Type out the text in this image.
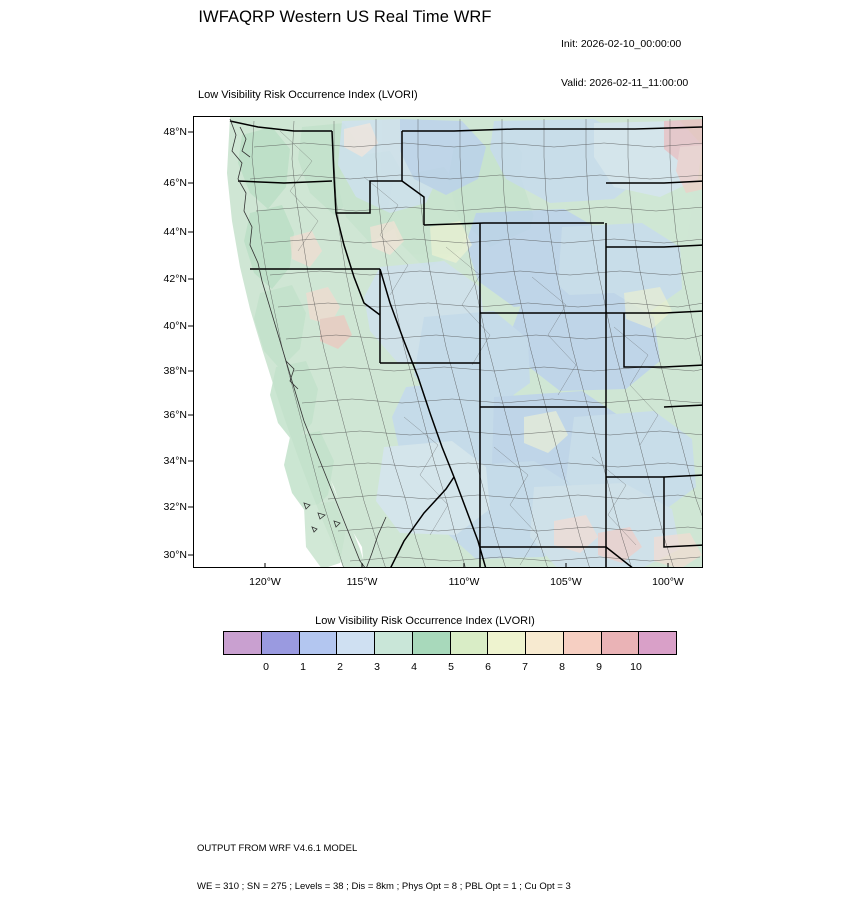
IWFAQRP Western US Real Time WRF

Init: 2026-02-10_00:00:00

Valid: 2026-02-11_11:00:00

Low Visibility Risk Occurrence Index (LVORI)
48°N
46°N
44°N
42°N
40°N
38°N
36°N
34°N
32°N
30°N
120°W	115°W	110°W	105°W	100°W
Low Visibility Risk Occurrence Index (LVORI)
0	1	2	3	4	5	6	7	8	9	10

OUTPUT FROM WRF V4.6.1 MODEL

WE = 310 ; SN = 275 ; Levels = 38 ; Dis = 8km ; Phys Opt = 8 ; PBL Opt = 1 ; Cu Opt = 3
